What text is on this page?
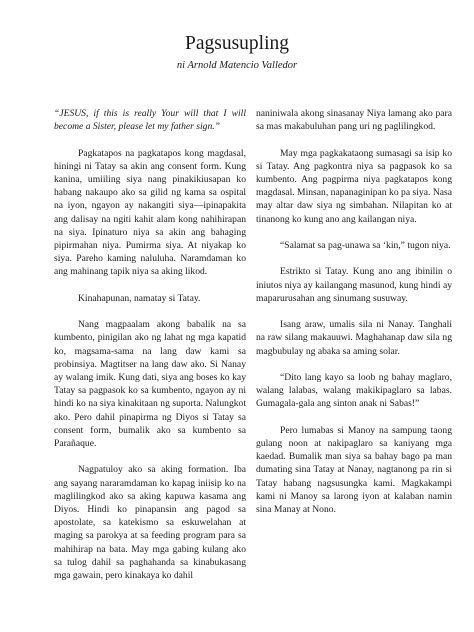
Pagsusupling
ni Arnold Matencio Valledor

“JESUS, if this is really Your will that I will become a Sister, please let my father sign.”

Pagkatapos na pagkatapos kong magdasal, hiningi ni Tatay sa akin ang consent form. Kung kanina, umiiling siya nang pinakikiusapan ko habang nakaupo ako sa gilid ng kama sa ospital na iyon, ngayon ay nakangiti siya—ipinapakita ang dalisay na ngiti kahit alam kong nahihirapan na siya. Ipinaturo niya sa akin ang bahaging pipirmahan niya. Pumirma siya. At niyakap ko siya. Pareho kaming naluluha. Naramdaman ko ang mahinang tapik niya sa aking likod.

Kinahapunan, namatay si Tatay.

Nang magpaalam akong babalik na sa kumbento, pinigilan ako ng lahat ng mga kapatid ko, magsama-sama na lang daw kami sa probinsiya. Magtitser na lang daw ako. Si Nanay ay walang imik. Kung dati, siya ang boses ko kay Tatay sa pagpasok ko sa kumbento, ngayon ay ni hindi ko na siya kinakitaan ng suporta. Nalungkot ako. Pero dahil pinapirma ng Diyos si Tatay sa consent form, bumalik ako sa kumbento sa Parañaque.

Nagpatuloy ako sa aking formation. Iba ang sayang nararamdaman ko kapag iniisip ko na maglilingkod ako sa aking kapuwa kasama ang Diyos. Hindi ko pinapansin ang pagod sa apostolate, sa katekismo sa eskuwelahan at maging sa parokya at sa feeding program para sa mahihirap na bata. May mga gabing kulang ako sa tulog dahil sa paghahanda sa kinabukasang mga gawain, pero kinakaya ko dahil

naniniwala akong sinasanay Niya lamang ako para sa mas makabuluhan pang uri ng paglilingkod.

May mga pagkakataong sumasagi sa isip ko si Tatay. Ang pagkontra niya sa pagpasok ko sa kumbento. Ang pagpirma niya pagkatapos kong magdasal. Minsan, napanaginipan ko pa siya. Nasa may altar daw siya ng simbahan. Nilapitan ko at tinanong ko kung ano ang kailangan niya.

“Salamat sa pag-unawa sa ‘kin,” tugon niya.

Estrikto si Tatay. Kung ano ang ibinilin o iniutos niya ay kailangang masunod, kung hindi ay maparurusahan ang sinumang susuway.

Isang araw, umalis sila ni Nanay. Tanghali na raw silang makauuwi. Maghahanap daw sila ng magbubulay ng abaka sa aming solar.

“Dito lang kayo sa loob ng bahay maglaro, walang lalabas, walang makikipaglaro sa labas. Gumagala-gala ang sinton anak ni Sabas!”

Pero lumabas si Manoy na sampung taong gulang noon at nakipaglaro sa kaniyang mga kaedad. Bumalik man siya sa bahay bago pa man dumating sina Tatay at Nanay, nagtanong pa rin si Tatay habang nagsusungka kami. Magkakampi kami ni Manoy sa larong iyon at kalaban namin sina Manay at Nono.
